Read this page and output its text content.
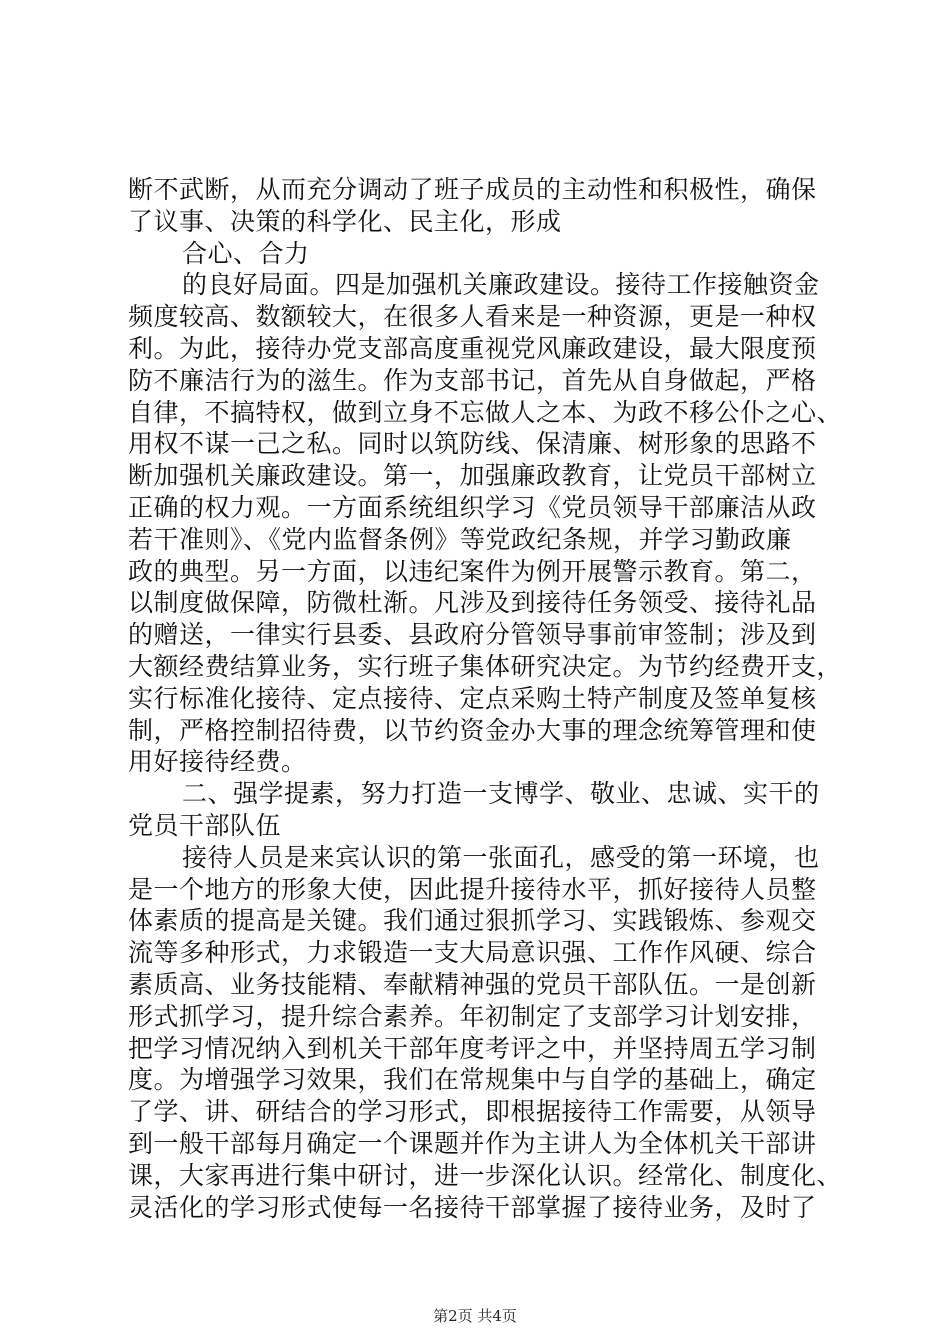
断不武断，从而充分调动了班子成员的主动性和积极性，确保
了议事、决策的科学化、民主化，形成
合心、合力
的良好局面。四是加强机关廉政建设。接待工作接触资金
频度较高、数额较大，在很多人看来是一种资源，更是一种权
利。为此，接待办党支部高度重视党风廉政建设，最大限度预
防不廉洁行为的滋生。作为支部书记，首先从自身做起，严格
自律，不搞特权，做到立身不忘做人之本、为政不移公仆之心、
用权不谋一己之私。同时以筑防线、保清廉、树形象的思路不
断加强机关廉政建设。第一，加强廉政教育，让党员干部树立
正确的权力观。一方面系统组织学习《党员领导干部廉洁从政
若干准则》、《党内监督条例》等党政纪条规，并学习勤政廉
政的典型。另一方面，以违纪案件为例开展警示教育。第二，
以制度做保障，防微杜渐。凡涉及到接待任务领受、接待礼品
的赠送，一律实行县委、县政府分管领导事前审签制；涉及到
大额经费结算业务，实行班子集体研究决定。为节约经费开支，
实行标准化接待、定点接待、定点采购土特产制度及签单复核
制，严格控制招待费，以节约资金办大事的理念统筹管理和使
用好接待经费。
二、强学提素，努力打造一支博学、敬业、忠诚、实干的
党员干部队伍
接待人员是来宾认识的第一张面孔，感受的第一环境，也
是一个地方的形象大使，因此提升接待水平，抓好接待人员整
体素质的提高是关键。我们通过狠抓学习、实践锻炼、参观交
流等多种形式，力求锻造一支大局意识强、工作作风硬、综合
素质高、业务技能精、奉献精神强的党员干部队伍。一是创新
形式抓学习，提升综合素养。年初制定了支部学习计划安排，
把学习情况纳入到机关干部年度考评之中，并坚持周五学习制
度。为增强学习效果，我们在常规集中与自学的基础上，确定
了学、讲、研结合的学习形式，即根据接待工作需要，从领导
到一般干部每月确定一个课题并作为主讲人为全体机关干部讲
课，大家再进行集中研讨，进一步深化认识。经常化、制度化、
灵活化的学习形式使每一名接待干部掌握了接待业务，及时了
第2页 共4页
